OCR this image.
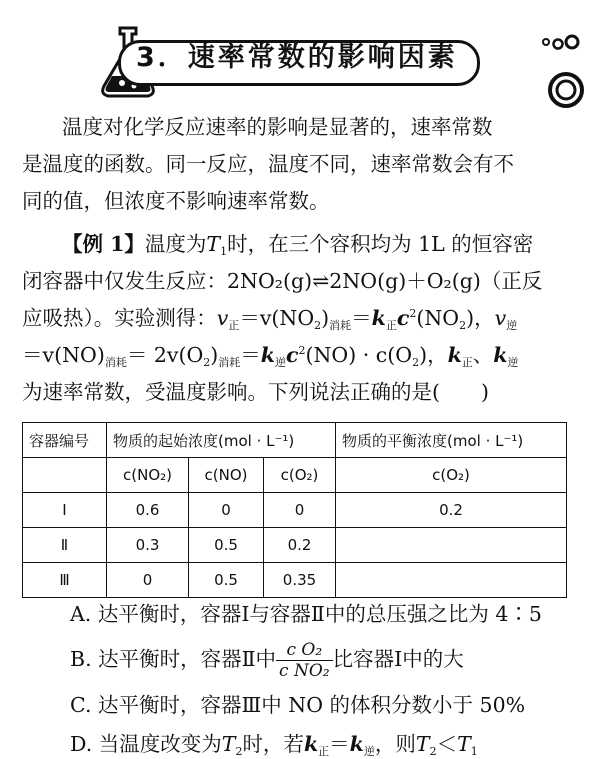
3．速率常数的影响因素
温度对化学反应速率的影响是显著的，速率常数
是温度的函数。同一反应，温度不同，速率常数会有不
同的值，但浓度不影响速率常数。
【例 1】温度为$T_1$时，在三个容积均为 1L 的恒容密
闭容器中仅发生反应：2NO₂(g)⇌2NO(g)＋O₂(g)（正反
应吸热）。实验测得：$v_正=v(NO_2)_{消耗}=k_正c^2(NO_2)$，$v_逆$
$=v(NO)_{消耗}= 2v(O_2)_{消耗}=k_逆c^2(NO) \cdot c(O_2)$，$k_正$、$k_逆$
为速率常数，受温度影响。下列说法正确的是(　　)
容器编号	物质的起始浓度(mol · L⁻¹)			物质的平衡浓度(mol · L⁻¹)
	c(NO₂)	c(NO)	c(O₂)	c(O₂)
Ⅰ	0.6	0	0	0.2
Ⅱ	0.3	0.5	0.2	
Ⅲ	0	0.5	0.35	
A. 达平衡时，容器Ⅰ与容器Ⅱ中的总压强之比为 4∶5
B. 达平衡时，容器Ⅱ中 $\frac{\text{c O₂}}{\text{c NO₂}}$ 比容器Ⅰ中的大
C. 达平衡时，容器Ⅲ中 NO 的体积分数小于 50%
D. 当温度改变为$T_2$时，若$k_正=k_逆$，则$T_2<T_1$
